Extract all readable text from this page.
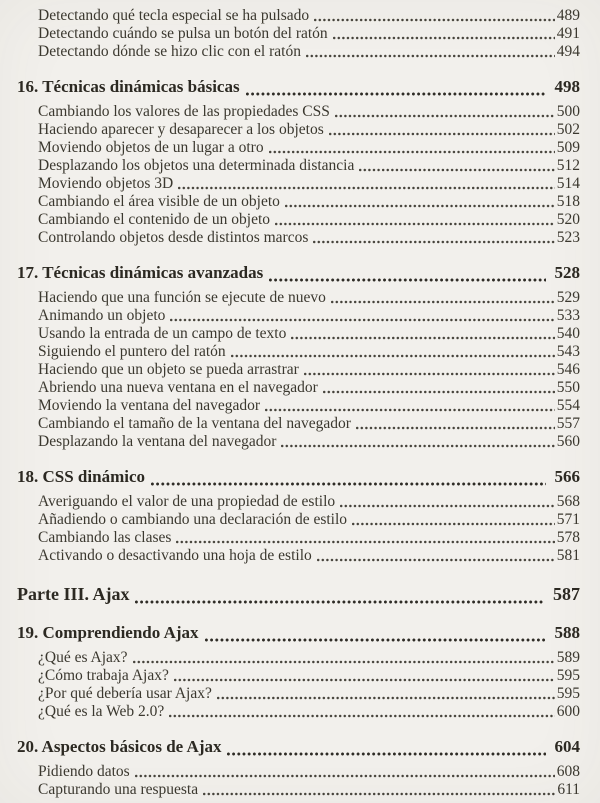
Detectando qué tecla especial se ha pulsado	489
Detectando cuándo se pulsa un botón del ratón	491
Detectando dónde se hizo clic con el ratón	494
16. Técnicas dinámicas básicas	498
Cambiando los valores de las propiedades CSS	500
Haciendo aparecer y desaparecer a los objetos	502
Moviendo objetos de un lugar a otro	509
Desplazando los objetos una determinada distancia	512
Moviendo objetos 3D	514
Cambiando el área visible de un objeto	518
Cambiando el contenido de un objeto	520
Controlando objetos desde distintos marcos	523
17. Técnicas dinámicas avanzadas	528
Haciendo que una función se ejecute de nuevo	529
Animando un objeto	533
Usando la entrada de un campo de texto	540
Siguiendo el puntero del ratón	543
Haciendo que un objeto se pueda arrastrar	546
Abriendo una nueva ventana en el navegador	550
Moviendo la ventana del navegador	554
Cambiando el tamaño de la ventana del navegador	557
Desplazando la ventana del navegador	560
18. CSS dinámico	566
Averiguando el valor de una propiedad de estilo	568
Añadiendo o cambiando una declaración de estilo	571
Cambiando las clases	578
Activando o desactivando una hoja de estilo	581
Parte III. Ajax	587
19. Comprendiendo Ajax	588
¿Qué es Ajax?	589
¿Cómo trabaja Ajax?	595
¿Por qué debería usar Ajax?	595
¿Qué es la Web 2.0?	600
20. Aspectos básicos de Ajax	604
Pidiendo datos	608
Capturando una respuesta	611
